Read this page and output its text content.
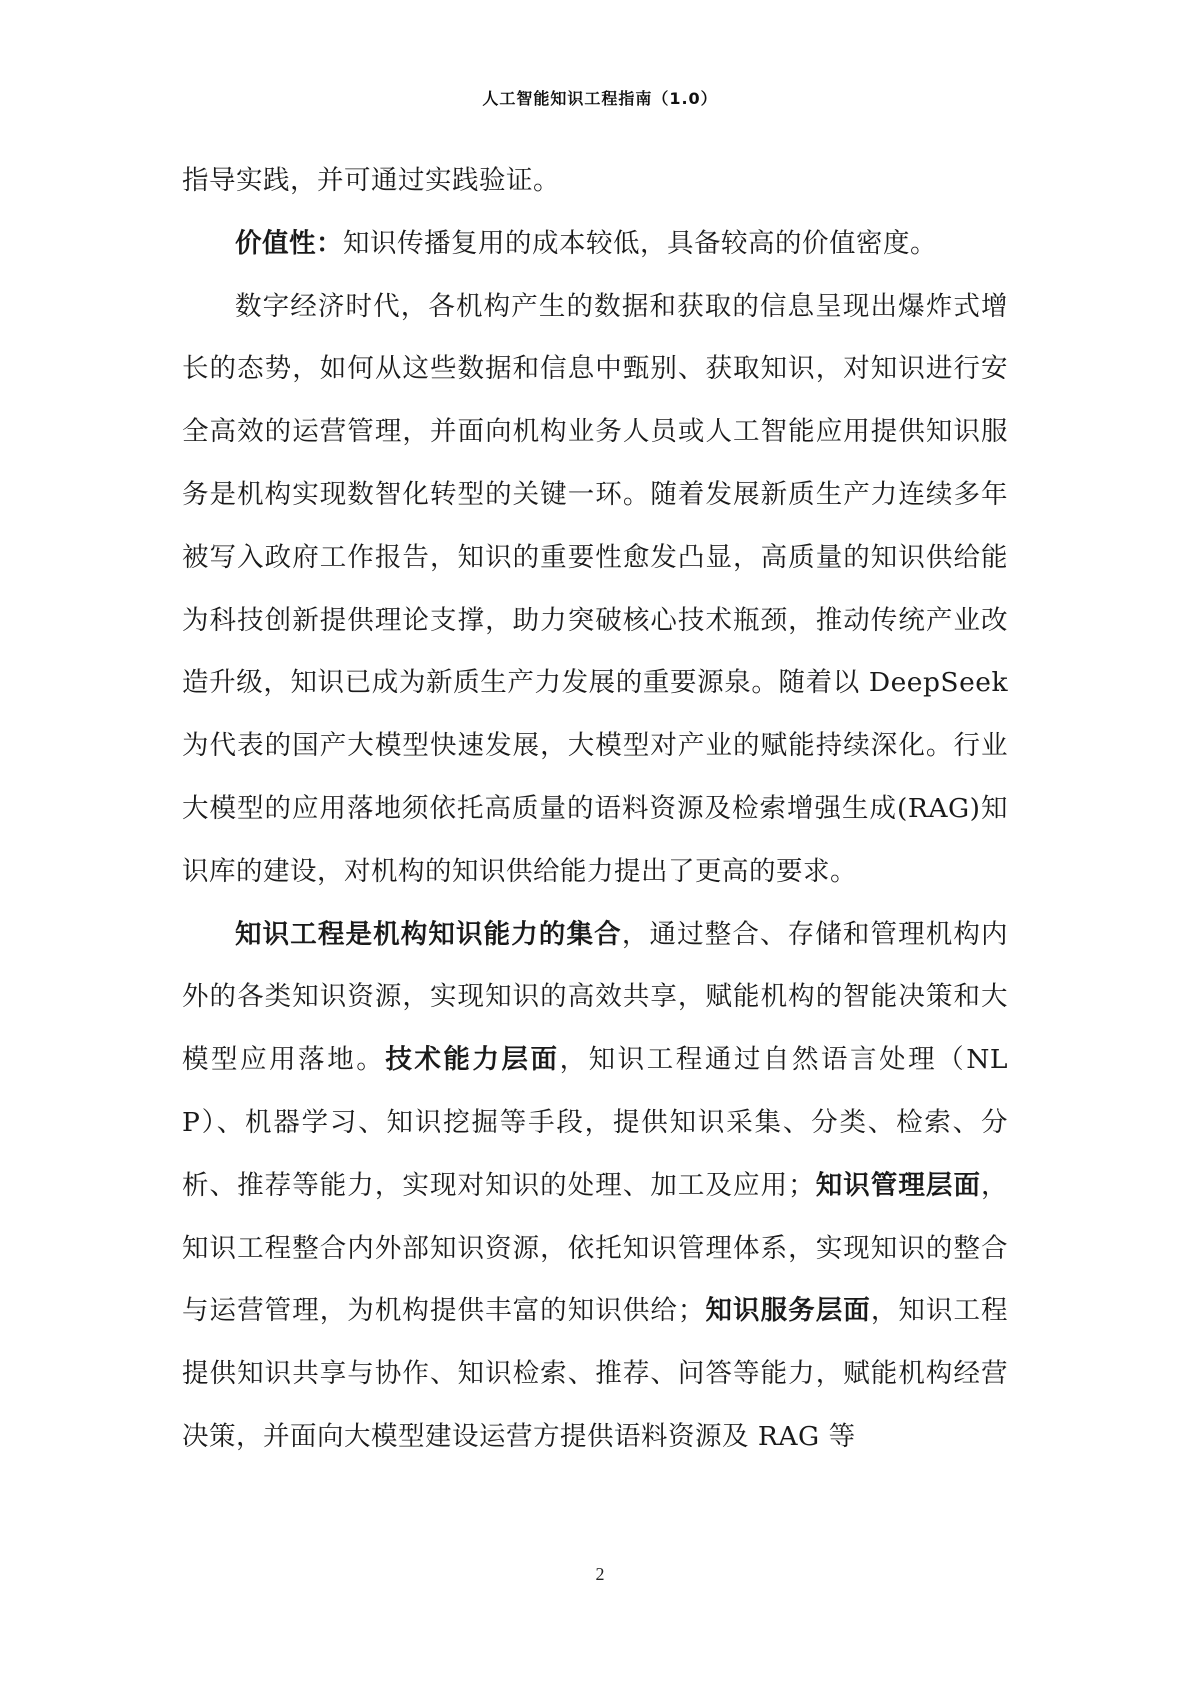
人工智能知识工程指南（1.0）

指导实践，并可通过实践验证。

价值性：知识传播复用的成本较低，具备较高的价值密度。

数字经济时代，各机构产生的数据和获取的信息呈现出爆炸式增长的态势，如何从这些数据和信息中甄别、获取知识，对知识进行安全高效的运营管理，并面向机构业务人员或人工智能应用提供知识服务是机构实现数智化转型的关键一环。随着发展新质生产力连续多年被写入政府工作报告，知识的重要性愈发凸显，高质量的知识供给能为科技创新提供理论支撑，助力突破核心技术瓶颈，推动传统产业改造升级，知识已成为新质生产力发展的重要源泉。随着以 DeepSeek 为代表的国产大模型快速发展，大模型对产业的赋能持续深化。行业大模型的应用落地须依托高质量的语料资源及检索增强生成(RAG)知识库的建设，对机构的知识供给能力提出了更高的要求。

知识工程是机构知识能力的集合，通过整合、存储和管理机构内外的各类知识资源，实现知识的高效共享，赋能机构的智能决策和大模型应用落地。技术能力层面，知识工程通过自然语言处理（NLP）、机器学习、知识挖掘等手段，提供知识采集、分类、检索、分析、推荐等能力，实现对知识的处理、加工及应用；知识管理层面，知识工程整合内外部知识资源，依托知识管理体系，实现知识的整合与运营管理，为机构提供丰富的知识供给；知识服务层面，知识工程提供知识共享与协作、知识检索、推荐、问答等能力，赋能机构经营决策，并面向大模型建设运营方提供语料资源及 RAG 等

2
